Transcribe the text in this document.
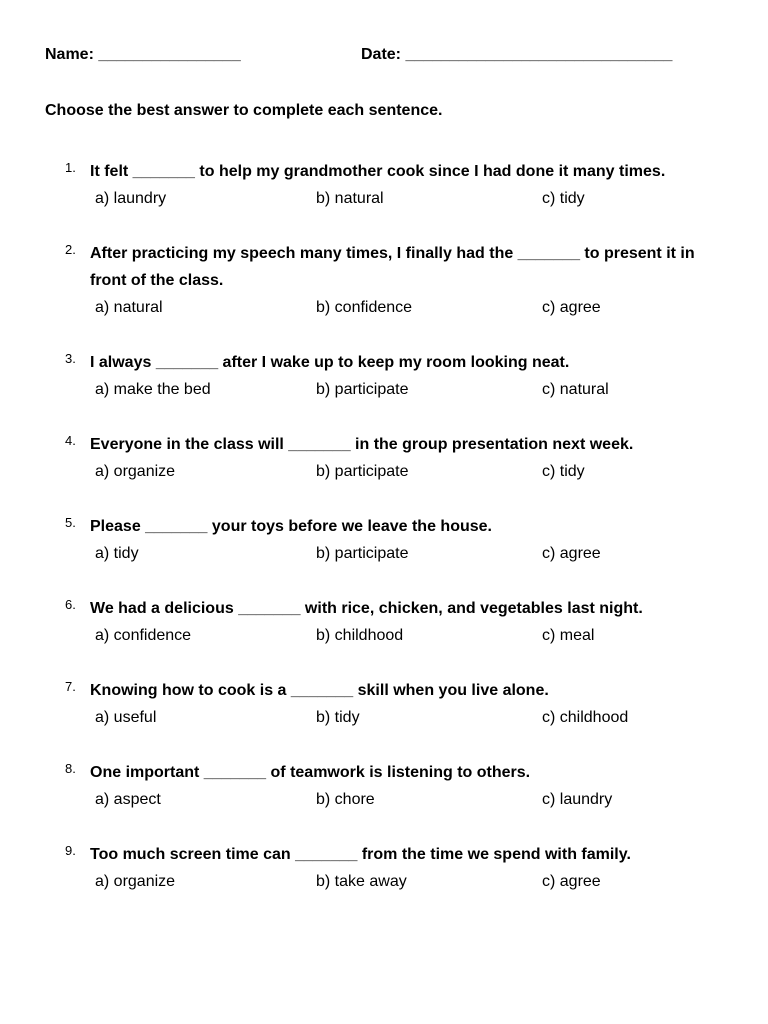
Name: ________________	Date: ______________________________
Choose the best answer to complete each sentence.
1. It felt _______ to help my grandmother cook since I had done it many times.
a) laundry	b) natural	c) tidy
2. After practicing my speech many times, I finally had the _______ to present it in front of the class.
a) natural	b) confidence	c) agree
3. I always _______ after I wake up to keep my room looking neat.
a) make the bed	b) participate	c) natural
4. Everyone in the class will _______ in the group presentation next week.
a) organize	b) participate	c) tidy
5. Please _______ your toys before we leave the house.
a) tidy	b) participate	c) agree
6. We had a delicious _______ with rice, chicken, and vegetables last night.
a) confidence	b) childhood	c) meal
7. Knowing how to cook is a _______ skill when you live alone.
a) useful	b) tidy	c) childhood
8. One important _______ of teamwork is listening to others.
a) aspect	b) chore	c) laundry
9. Too much screen time can _______ from the time we spend with family.
a) organize	b) take away	c) agree
